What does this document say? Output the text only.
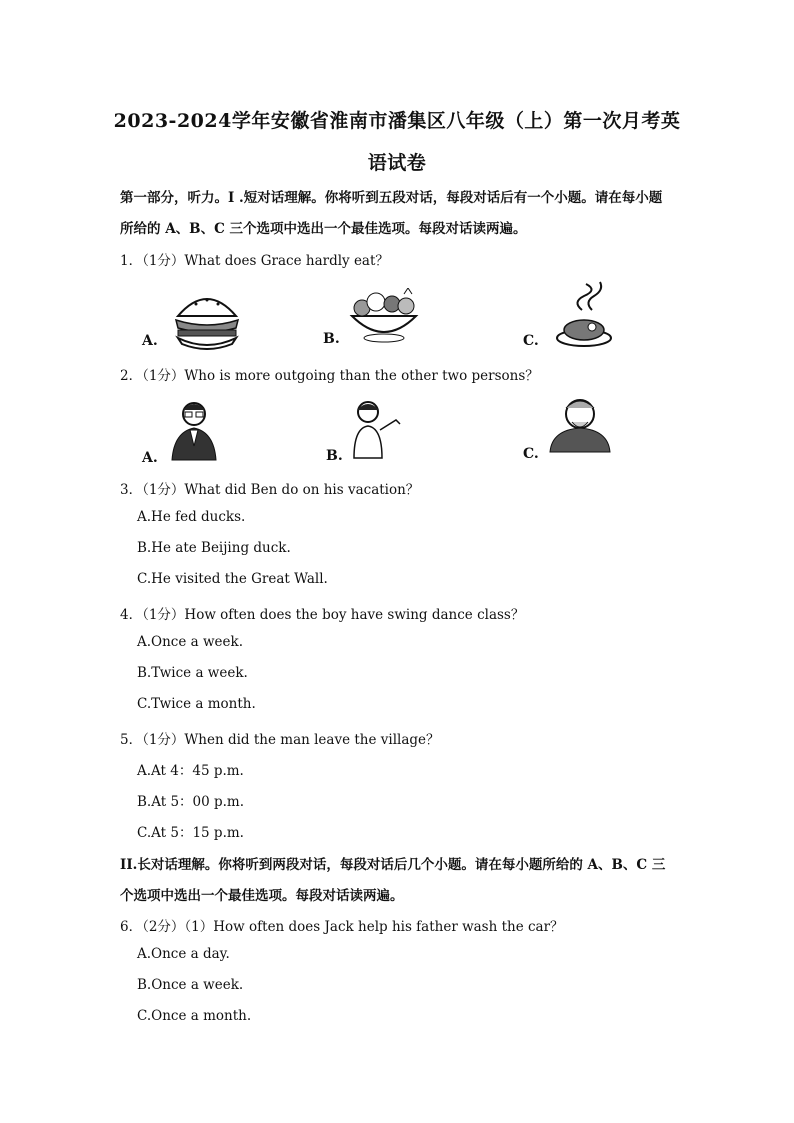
2023-2024学年安徽省淮南市潘集区八年级（上）第一次月考英
语试卷
第一部分，听力。I .短对话理解。你将听到五段对话，每段对话后有一个小题。请在每小题
所给的 A、B、C 三个选项中选出一个最佳选项。每段对话读两遍。
1．（1分）What does Grace hardly eat？
A.	B.	C.
2．（1分）Who is more outgoing than the other two persons？
A.	B.	C.
3．（1分）What did Ben do on his vacation？
A.He fed ducks.
B.He ate Beijing duck.
C.He visited the Great Wall.
4．（1分）How often does the boy have swing dance class？
A.Once a week.
B.Twice a week.
C.Twice a month.
5．（1分）When did the man leave the village？
A.At 4：45 p.m.
B.At 5：00 p.m.
C.At 5：15 p.m.
II.长对话理解。你将听到两段对话，每段对话后几个小题。请在每小题所给的 A、B、C 三
个选项中选出一个最佳选项。每段对话读两遍。
6．（2分）（1）How often does Jack help his father wash the car？
A.Once a day.
B.Once a week.
C.Once a month.
